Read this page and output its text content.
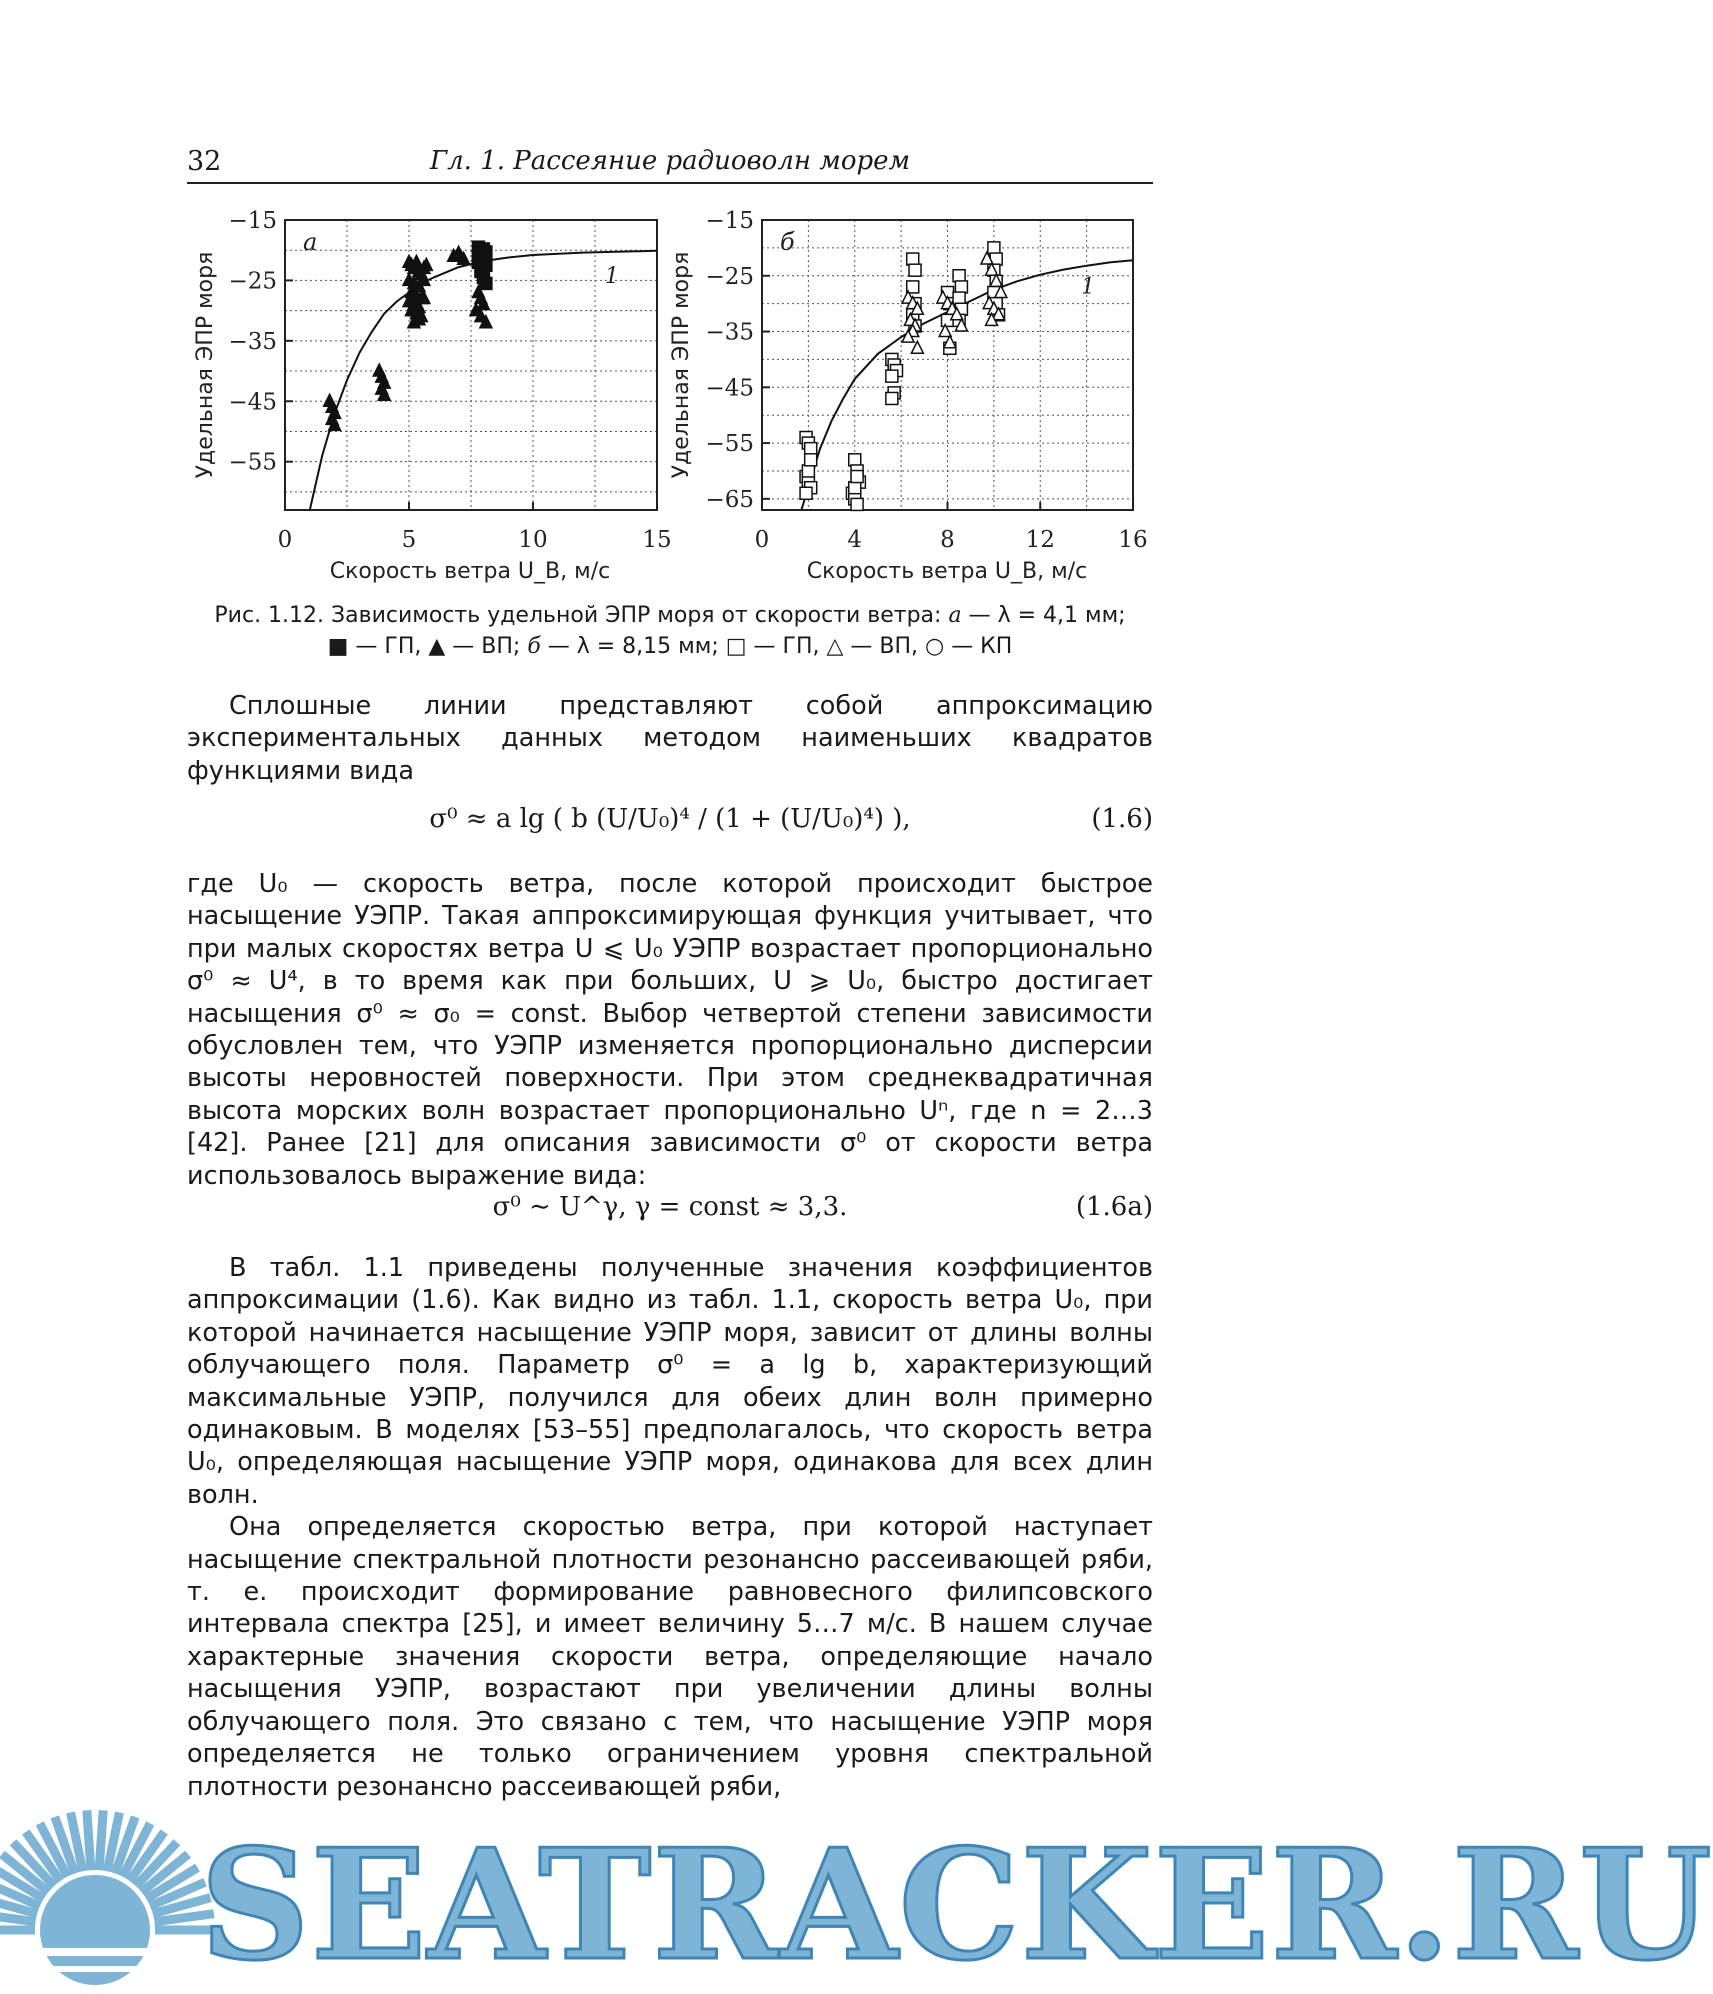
32	Гл. 1. Рассеяние радиоволн морем
0	5	10	15
−15
−25
−35
−45
−55
Удельная ЭПР моря
Скорость ветра U_B, м/с
а
1
0	4	8	12	16
−15
−25
−35
−45
−55
−65
Удельная ЭПР моря
Скорость ветра U_B, м/с
б
1
Рис. 1.12. Зависимость удельной ЭПР моря от скорости ветра: а — λ = 4,1 мм;
■ — ГП, ▲ — ВП; б — λ = 8,15 мм; □ — ГП, △ — ВП, ○ — КП

Сплошные линии представляют собой аппроксимацию экспериментальных данных методом наименьших квадратов функциями вида

σ⁰ ≈ a lg ( b (U/U₀)⁴ / (1 + (U/U₀)⁴) ),	(1.6)

где U₀ — скорость ветра, после которой происходит быстрое насыщение УЭПР. Такая аппроксимирующая функция учитывает, что при малых скоростях ветра U ⩽ U₀ УЭПР возрастает пропорционально σ⁰ ≈ U⁴, в то время как при больших, U ⩾ U₀, быстро достигает насыщения σ⁰ ≈ σ₀ = const. Выбор четвертой степени зависимости обусловлен тем, что УЭПР изменяется пропорционально дисперсии высоты неровностей поверхности. При этом среднеквадратичная высота морских волн возрастает пропорционально Uⁿ, где n = 2…3 [42]. Ранее [21] для описания зависимости σ⁰ от скорости ветра использовалось выражение вида:

σ⁰ ∼ U^γ, γ = const ≈ 3,3.	(1.6а)

В табл. 1.1 приведены полученные значения коэффициентов аппроксимации (1.6). Как видно из табл. 1.1, скорость ветра U₀, при которой начинается насыщение УЭПР моря, зависит от длины волны облучающего поля. Параметр σ⁰ = a lg b, характеризующий максимальные УЭПР, получился для обеих длин волн примерно одинаковым. В моделях [53–55] предполагалось, что скорость ветра U₀, определяющая насыщение УЭПР моря, одинакова для всех длин волн.

Она определяется скоростью ветра, при которой наступает насыщение спектральной плотности резонансно рассеивающей ряби, т. е. происходит формирование равновесного филипсовского интервала спектра [25], и имеет величину 5…7 м/с. В нашем случае характерные значения скорости ветра, определяющие начало насыщения УЭПР, возрастают при увеличении длины волны облучающего поля. Это связано с тем, что насыщение УЭПР моря определяется не только ограничением уровня спектральной плотности резонансно рассеивающей ряби,

SEATRACKER.RU
